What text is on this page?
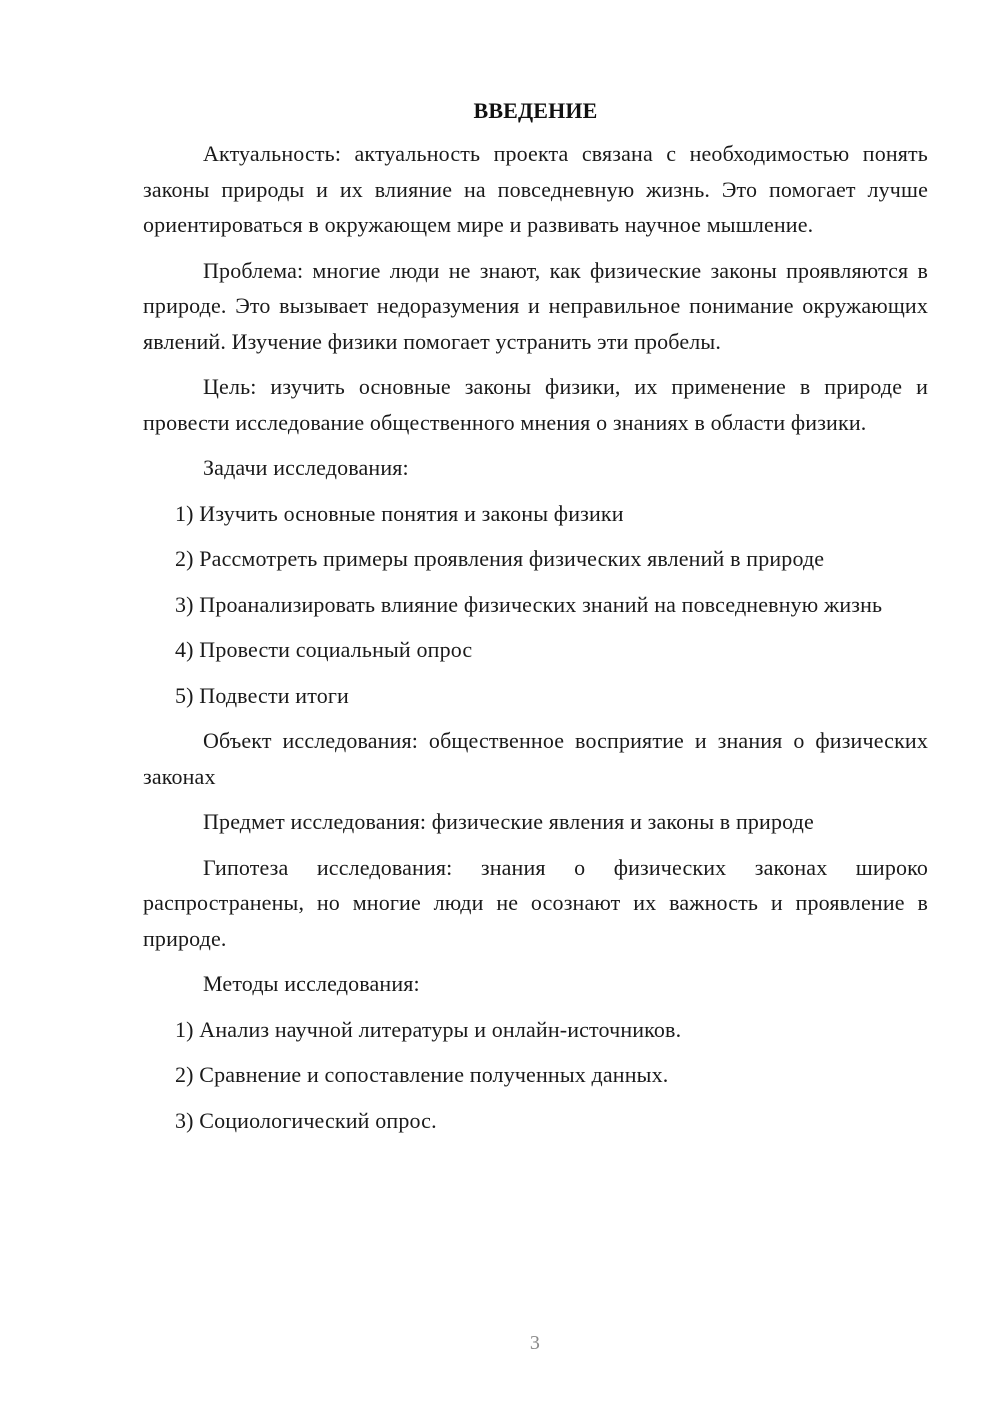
ВВЕДЕНИЕ

Актуальность: актуальность проекта связана с необходимостью понять законы природы и их влияние на повседневную жизнь. Это помогает лучше ориентироваться в окружающем мире и развивать научное мышление.

Проблема: многие люди не знают, как физические законы проявляются в природе. Это вызывает недоразумения и неправильное понимание окружающих явлений. Изучение физики помогает устранить эти пробелы.

Цель: изучить основные законы физики, их применение в природе и провести исследование общественного мнения о знаниях в области физики.

Задачи исследования:

1) Изучить основные понятия и законы физики

2) Рассмотреть примеры проявления физических явлений в природе

3) Проанализировать влияние физических знаний на повседневную жизнь

4) Провести социальный опрос

5) Подвести итоги

Объект исследования: общественное восприятие и знания о физических законах

Предмет исследования: физические явления и законы в природе

Гипотеза исследования: знания о физических законах широко распространены, но многие люди не осознают их важность и проявление в природе.

Методы исследования:

1) Анализ научной литературы и онлайн-источников.

2) Сравнение и сопоставление полученных данных.

3) Социологический опрос.

3
